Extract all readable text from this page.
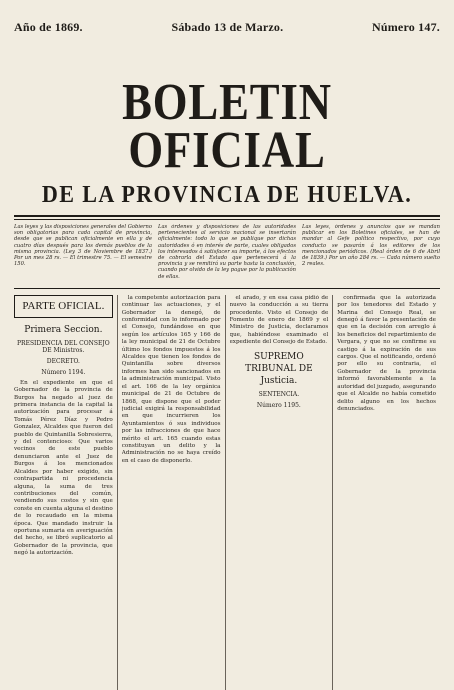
Año de 1869.	Sábado 13 de Marzo.	Número 147.
BOLETIN OFICIAL
DE LA PROVINCIA DE HUELVA.
Las leyes y las disposiciones generales del Gobierno son obligatorias para cada capital de provincia, desde que se publican oficialmente en ella y de cuatro días después para los demás pueblos de la misma provincia. (Ley 3 de Noviembre de 1837.) Por un mes 28 rs. — El trimestre 75. — El semestre 150.
Las órdenes y disposiciones de las autoridades pertenecientes al servicio nacional se insertarán oficialmente: todo lo que se publique por dichas autoridades ó en interés de parte, cuales obligados los interesados á satisfacer su importe, á los efectos de cobrarla del Estado que pertenecerá á la provincia y se remitirá su parte hasta la conclusión, cuando por olvido de la ley pague por la publicación de ellas.
Las leyes, órdenes y anuncios que se mandan publicar en los Boletines oficiales, se han de mandar al Gefe político respectivo, por cuyo conducto se pasarán á los editores de los mencionados periódicos. (Real órden de 6 de Abril de 1839.) Por un año 284 rs. — Cada número suelto 2 reales.
PARTE OFICIAL.
Primera Seccion.
PRESIDENCIA DEL CONSEJO DE Ministros.
DECRETO.
Número 1194.

En el expediente en que el Gobernador de la provincia de Burgos ha negado al juez de primera instancia de la capital la autorización para procesar á Tomás Pérez Díaz y Pedro Gonzalez, Alcaldes que fueron del pueblo de Quintanilla Sobresierra, y del contencioso: Que varios vecinos de este pueblo denunciaron ante el Juez de Burgos á los mencionados Alcaldes por haber exigido, sin contrapartida ni procedencia alguna, la suma de tres contribuciones del común, vendiendo sus costos y sin que conste en cuenta alguna el destino de lo recaudado en la misma época. Que mandado instruir la oportuna sumaria en averiguación del hecho, se libró suplicatorio al Gobernador de la provincia, que negó la autorización.

la competente autorización para continuar las actuaciones, y el Gobernador la denegó, de conformidad con lo informado por el Consejo, fundándose en que según los artículos 165 y 166 de la ley municipal de 21 de Octubre último los fondos impuestos á los Alcaldes que tienen los fondos de Quintanilla sobre diversos informes han sido sancionados en la administración municipal. Visto el art. 166 de la ley orgánica municipal de 21 de Octubre de 1868, que dispone que el poder judicial exigirá la responsabilidad en que incurrieren los Ayuntamientos ó sus individuos por las infracciones de que hace mérito el art. 165 cuando estas constituyan un delito y la Administración no se haya creído en el caso de disponerlo.

el arado, y en esa casa pidió de nuevo la conducción a su tierra procedente. Visto el Consejo de Fomento de enero de 1869 y el Ministro de Justicia, declaramos que, habiéndose examinado el expediente del Consejo de Estado.

SUPREMO TRIBUNAL DE Justicia.
SENTENCIA.
Número 1195.

confirmada que la autorizada por los tenedores del Estado y Marina del Consejo Real, se denegó á favor la presentación de que en la decisión con arreglo á los beneficios del repartimiento de Vergara, y que no se confirme su castigo á la expiración de sus cargos. Que el notificando, ordenó por ello su contraria, el Gobernador de la provincia informó favorablemente a la autoridad del juzgado, asegurando que el Alcalde no había cometido delito alguno en los hechos denunciados.
